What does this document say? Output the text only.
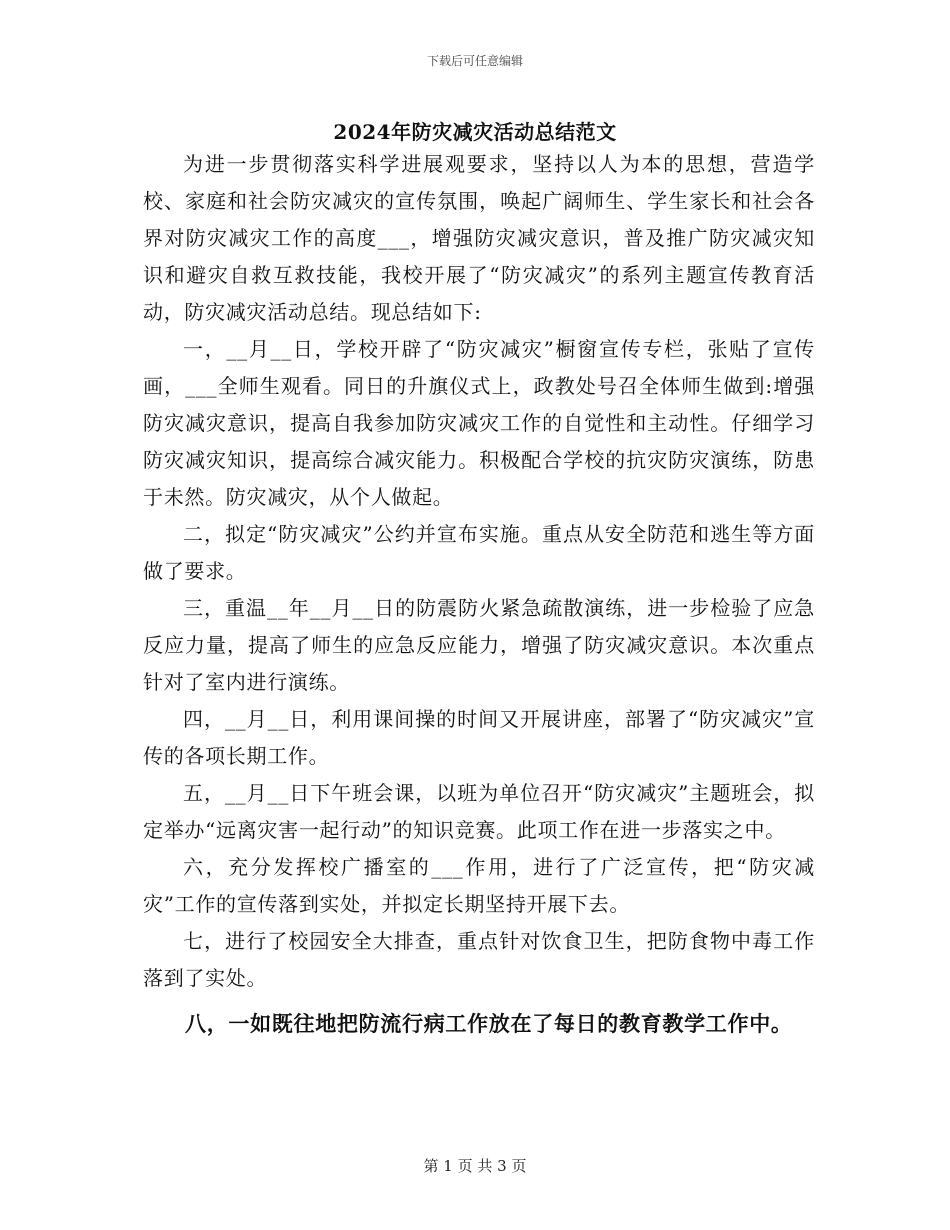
下载后可任意编辑
2024年防灾减灾活动总结范文

为进一步贯彻落实科学进展观要求，坚持以人为本的思想，营造学校、家庭和社会防灾减灾的宣传氛围，唤起广阔师生、学生家长和社会各界对防灾减灾工作的高度___，增强防灾减灾意识，普及推广防灾减灾知识和避灾自救互救技能，我校开展了“防灾减灾”的系列主题宣传教育活动，防灾减灾活动总结。现总结如下:

一，__月__日，学校开辟了“防灾减灾”橱窗宣传专栏，张贴了宣传画，___全师生观看。同日的升旗仪式上，政教处号召全体师生做到:增强防灾减灾意识，提高自我参加防灾减灾工作的自觉性和主动性。仔细学习防灾减灾知识，提高综合减灾能力。积极配合学校的抗灾防灾演练，防患于未然。防灾减灾，从个人做起。

二，拟定“防灾减灾”公约并宣布实施。重点从安全防范和逃生等方面做了要求。

三，重温__年__月__日的防震防火紧急疏散演练，进一步检验了应急反应力量，提高了师生的应急反应能力，增强了防灾减灾意识。本次重点针对了室内进行演练。

四，__月__日，利用课间操的时间又开展讲座，部署了“防灾减灾”宣传的各项长期工作。

五，__月__日下午班会课，以班为单位召开“防灾减灾”主题班会，拟定举办“远离灾害一起行动”的知识竞赛。此项工作在进一步落实之中。

六，充分发挥校广播室的___作用，进行了广泛宣传，把“防灾减灾”工作的宣传落到实处，并拟定长期坚持开展下去。

七，进行了校园安全大排查，重点针对饮食卫生，把防食物中毒工作落到了实处。

八，一如既往地把防流行病工作放在了每日的教育教学工作中。

第 1 页 共 3 页
